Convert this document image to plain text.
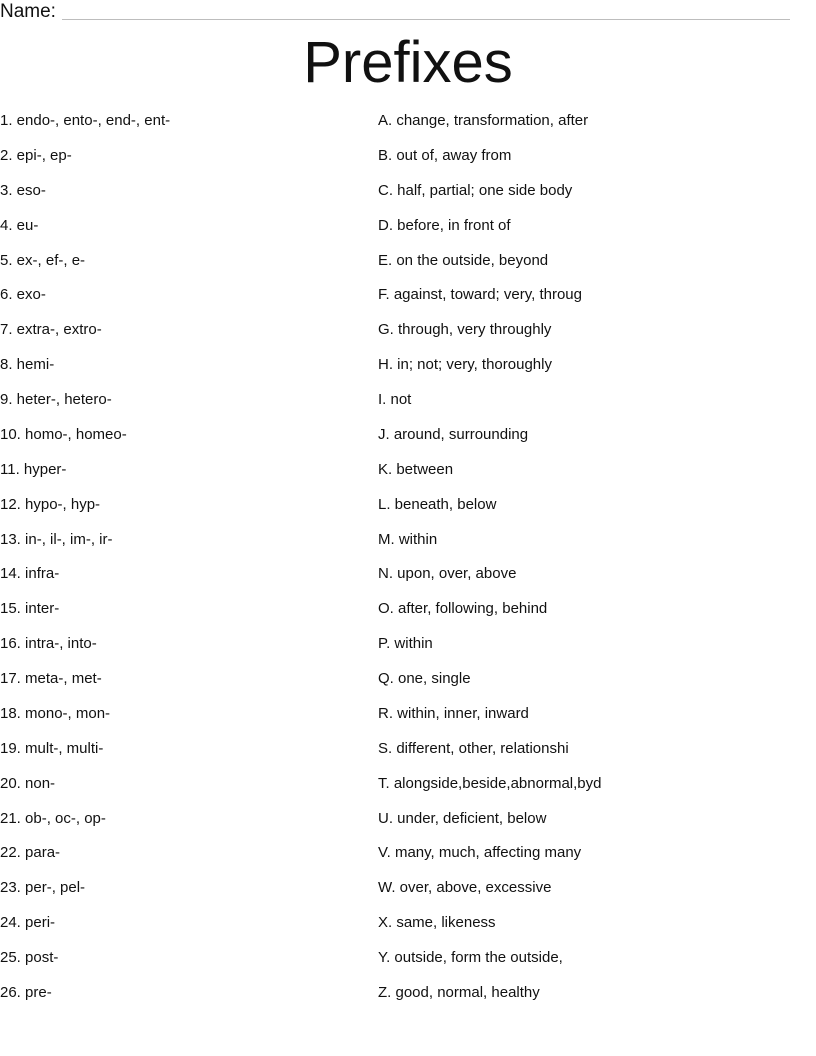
Name:
Prefixes
1. endo-, ento-, end-, ent-	A. change, transformation, after
2. epi-, ep-	B. out of, away from
3. eso-	C. half, partial; one side body
4. eu-	D. before, in front of
5. ex-, ef-, e-	E. on the outside, beyond
6. exo-	F. against, toward; very, throug
7. extra-, extro-	G. through, very throughly
8. hemi-	H. in; not; very, thoroughly
9. heter-, hetero-	I. not
10. homo-, homeo-	J. around, surrounding
11. hyper-	K. between
12. hypo-, hyp-	L. beneath, below
13. in-, il-, im-, ir-	M. within
14. infra-	N. upon, over, above
15. inter-	O. after, following, behind
16. intra-, into-	P. within
17. meta-, met-	Q. one, single
18. mono-, mon-	R. within, inner, inward
19. mult-, multi-	S. different, other, relationshi
20. non-	T. alongside,beside,abnormal,byd
21. ob-, oc-, op-	U. under, deficient, below
22. para-	V. many, much, affecting many
23. per-, pel-	W. over, above, excessive
24. peri-	X. same, likeness
25. post-	Y. outside, form the outside,
26. pre-	Z. good, normal, healthy
